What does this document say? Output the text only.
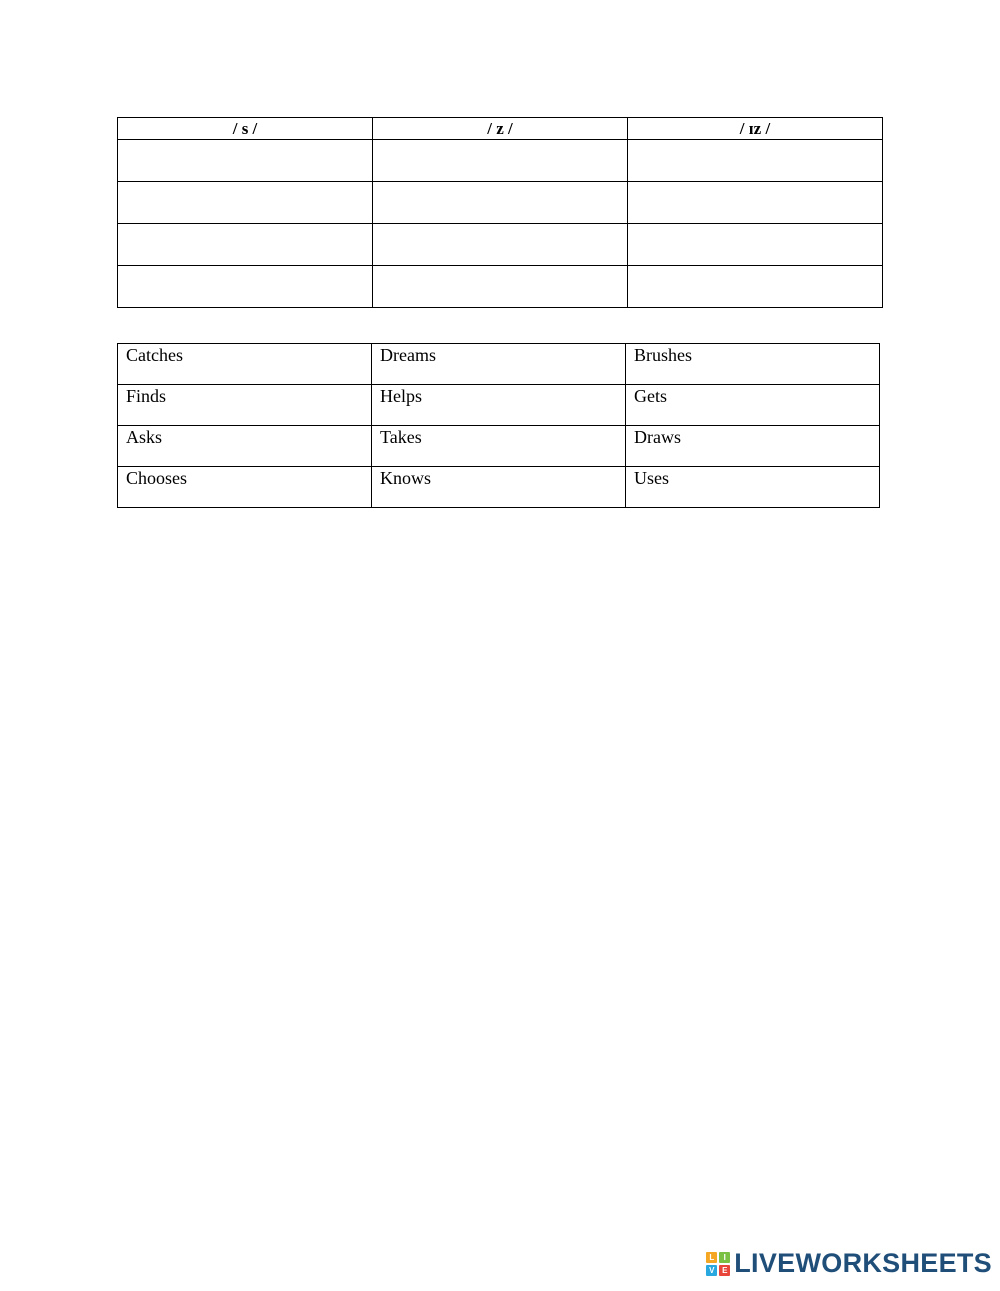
/ s /	/ z /	/ ɪz /

Catches	Dreams	Brushes
Finds	Helps	Gets
Asks	Takes	Draws
Chooses	Knows	Uses
L	I
V E LIVEWORKSHEETS
